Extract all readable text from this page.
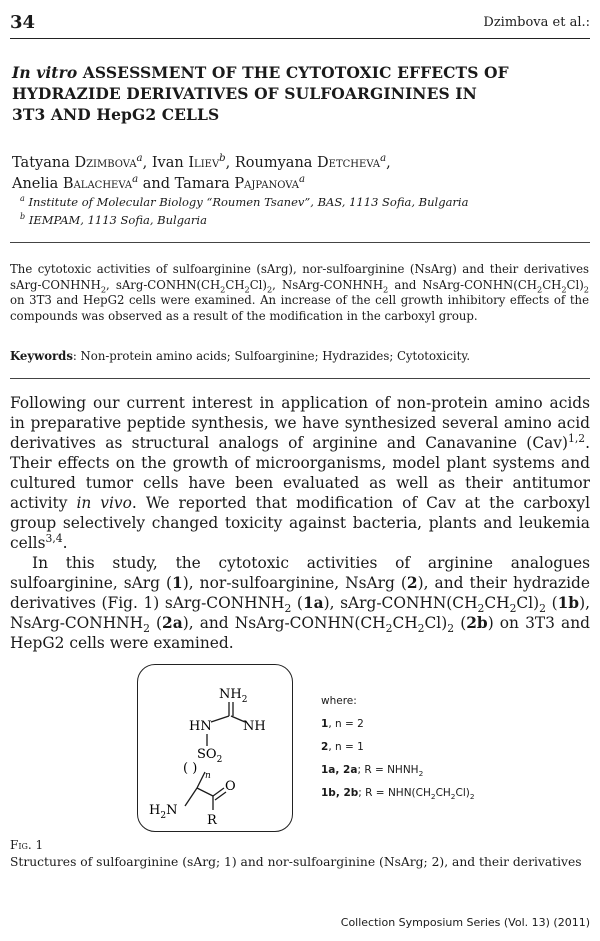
34	Dzimbova et al.:
In vitro ASSESSMENT OF THE CYTOTOXIC EFFECTS OF
HYDRAZIDE DERIVATIVES OF SULFOARGININES IN
3T3 AND HepG2 CELLS
Tatyana Dzimbova$^a$, Ivan Iliev$^b$, Roumyana Detcheva$^a$,
Anelia Balacheva$^a$ and Tamara Pajpanova$^a$
$^a$ Institute of Molecular Biology “Roumen Tsanev”, BAS, 1113 Sofia, Bulgaria
$^b$ IEMPAM, 1113 Sofia, Bulgaria
The cytotoxic activities of sulfoarginine (sArg), nor-sulfoarginine (NsArg) and their derivatives sArg-$CONHNH_2$, sArg-$CONHN(CH_2CH_2Cl)_2$, NsArg-$CONHNH_2$ and NsArg-$CONHN(CH_2CH_2Cl)_2$ on 3T3 and HepG2 cells were examined. An increase of the cell growth inhibitory effects of the compounds was observed as a result of the modification in the carboxyl group.
Keywords: Non-protein amino acids; Sulfoarginine; Hydrazides; Cytotoxicity.

Following our current interest in application of non-protein amino acids in preparative peptide synthesis, we have synthesized several amino acid derivatives as structural analogs of arginine and Canavanine (Cav)$^{1,2}$. Their effects on the growth of microorganisms, model plant systems and cultured tumor cells have been evaluated as well as their antitumor activity in vivo. We reported that modification of Cav at the carboxyl group selectively changed toxicity against bacteria, plants and leukemia cells$^{3,4}$.

In this study, the cytotoxic activities of arginine analogues sulfoarginine, sArg (1), nor-sulfoarginine, NsArg (2), and their hydrazide derivatives (Fig. 1) sArg-$CONHNH_2$ (1a), sArg-$CONHN(CH_2CH_2Cl)_2$ (1b), NsArg-$CONHNH_2$ (2a), and NsArg-$CONHN(CH_2CH_2Cl)_2$ (2b) on 3T3 and HepG2 cells were examined.

$NH_2$
HN NH
$SO_2$
( ) n
$H_2N$
O
R
where:
1, n = 2
2, n = 1
1a, 2a; $R = NHNH_2$
1b, 2b; $R = NHN(CH_2CH_2Cl)_2$
Fig. 1
Structures of sulfoarginine (sArg; 1) and nor-sulfoarginine (NsArg; 2), and their derivatives
Collection Symposium Series (Vol. 13) (2011)
